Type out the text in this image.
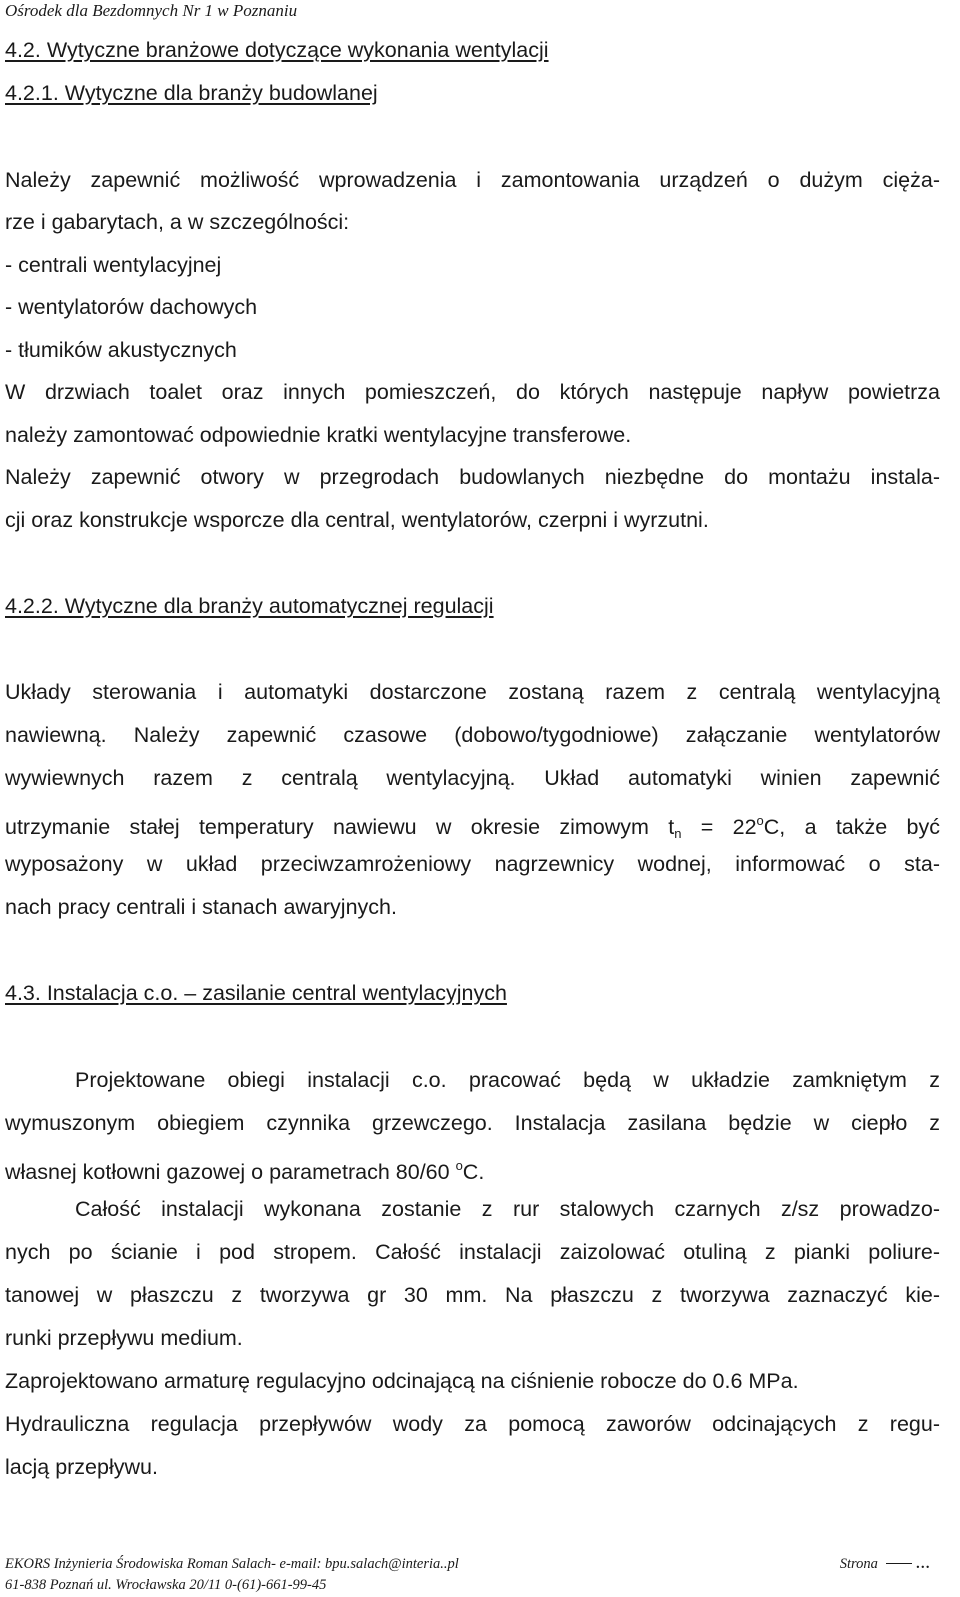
Ośrodek dla Bezdomnych Nr 1 w Poznaniu
4.2. Wytyczne branżowe dotyczące wykonania wentylacji
4.2.1. Wytyczne dla branży budowlanej
Należy zapewnić możliwość wprowadzenia i zamontowania urządzeń o dużym cięża-
rze i gabarytach, a w szczególności:
- centrali wentylacyjnej
- wentylatorów dachowych
- tłumików akustycznych
W drzwiach toalet oraz innych pomieszczeń, do których następuje napływ powietrza
należy zamontować odpowiednie kratki wentylacyjne transferowe.
Należy zapewnić otwory w przegrodach budowlanych niezbędne do montażu instala-
cji oraz konstrukcje wsporcze dla central, wentylatorów, czerpni i wyrzutni.
4.2.2. Wytyczne dla branży automatycznej regulacji
Układy sterowania i automatyki dostarczone zostaną razem z centralą wentylacyjną
nawiewną. Należy zapewnić czasowe (dobowo/tygodniowe) załączanie wentylatorów
wywiewnych razem z centralą wentylacyjną. Układ automatyki winien zapewnić
utrzymanie stałej temperatury nawiewu w okresie zimowym $t_n = 22^oC$, a także być
wyposażony w układ przeciwzamrożeniowy nagrzewnicy wodnej, informować o sta-
nach pracy centrali i stanach awaryjnych.
4.3. Instalacja c.o. – zasilanie central wentylacyjnych
Projektowane obiegi instalacji c.o. pracować będą w układzie zamkniętym z
wymuszonym obiegiem czynnika grzewczego. Instalacja zasilana będzie w ciepło z
własnej kotłowni gazowej o parametrach 80/60 $^o$C.
Całość instalacji wykonana zostanie z rur stalowych czarnych z/sz prowadzo-
nych po ścianie i pod stropem. Całość instalacji zaizolować otuliną z pianki poliure-
tanowej w płaszczu z tworzywa gr 30 mm. Na płaszczu z tworzywa zaznaczyć kie-
runki przepływu medium.
Zaprojektowano armaturę regulacyjno odcinającą na ciśnienie robocze do 0.6 MPa.
Hydrauliczna regulacja przepływów wody za pomocą zaworów odcinających z regu-
lacją przepływu.
EKORS Inżynieria Środowiska Roman Salach- e-mail: bpu.salach@interia..pl
61-838 Poznań ul. Wrocławska 20/11 0-(61)-661-99-45
Strona	…
